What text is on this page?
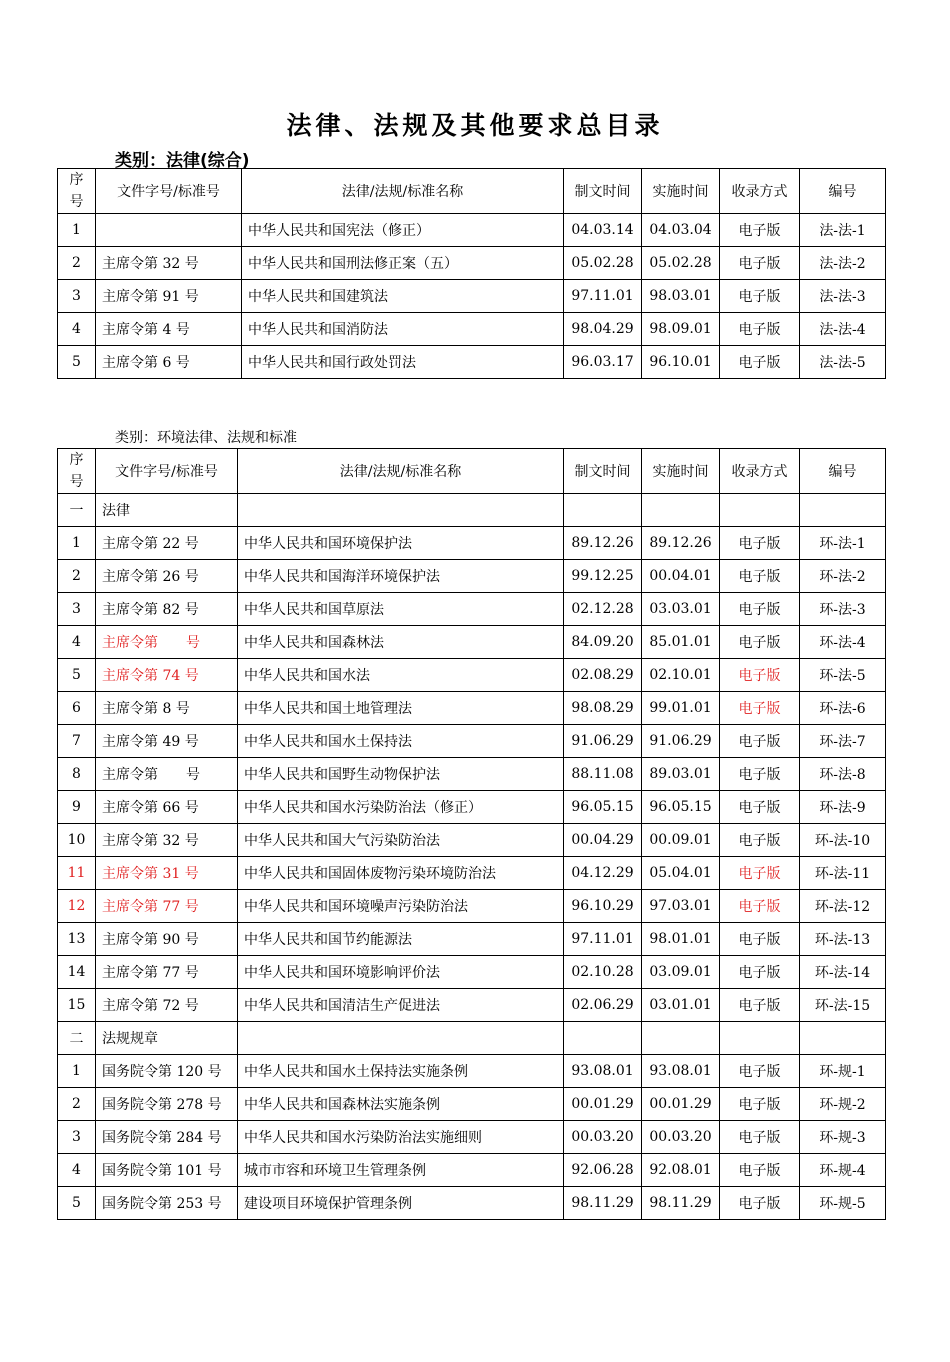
法律、法规及其他要求总目录
类别：法律(综合)
序
号	文件字号/标准号	法律/法规/标准名称	制文时间	实施时间	收录方式	编号
1		中华人民共和国宪法（修正）	04.03.14	04.03.04	电子版	法-法-1
2	主席令第 32 号	中华人民共和国刑法修正案（五）	05.02.28	05.02.28	电子版	法-法-2
3	主席令第 91 号	中华人民共和国建筑法	97.11.01	98.03.01	电子版	法-法-3
4	主席令第 4 号	中华人民共和国消防法	98.04.29	98.09.01	电子版	法-法-4
5	主席令第 6 号	中华人民共和国行政处罚法	96.03.17	96.10.01	电子版	法-法-5
类别：环境法律、法规和标准
序
号	文件字号/标准号	法律/法规/标准名称	制文时间	实施时间	收录方式	编号
一	法律					
1	主席令第 22 号	中华人民共和国环境保护法	89.12.26	89.12.26	电子版	环-法-1
2	主席令第 26 号	中华人民共和国海洋环境保护法	99.12.25	00.04.01	电子版	环-法-2
3	主席令第 82 号	中华人民共和国草原法	02.12.28	03.03.01	电子版	环-法-3
4	主席令第　　号	中华人民共和国森林法	84.09.20	85.01.01	电子版	环-法-4
5	主席令第 74 号	中华人民共和国水法	02.08.29	02.10.01	电子版	环-法-5
6	主席令第 8 号	中华人民共和国土地管理法	98.08.29	99.01.01	电子版	环-法-6
7	主席令第 49 号	中华人民共和国水土保持法	91.06.29	91.06.29	电子版	环-法-7
8	主席令第　　号	中华人民共和国野生动物保护法	88.11.08	89.03.01	电子版	环-法-8
9	主席令第 66 号	中华人民共和国水污染防治法（修正）	96.05.15	96.05.15	电子版	环-法-9
10	主席令第 32 号	中华人民共和国大气污染防治法	00.04.29	00.09.01	电子版	环-法-10
11	主席令第 31 号	中华人民共和国固体废物污染环境防治法	04.12.29	05.04.01	电子版	环-法-11
12	主席令第 77 号	中华人民共和国环境噪声污染防治法	96.10.29	97.03.01	电子版	环-法-12
13	主席令第 90 号	中华人民共和国节约能源法	97.11.01	98.01.01	电子版	环-法-13
14	主席令第 77 号	中华人民共和国环境影响评价法	02.10.28	03.09.01	电子版	环-法-14
15	主席令第 72 号	中华人民共和国清洁生产促进法	02.06.29	03.01.01	电子版	环-法-15
二	法规规章					
1	国务院令第 120 号	中华人民共和国水土保持法实施条例	93.08.01	93.08.01	电子版	环-规-1
2	国务院令第 278 号	中华人民共和国森林法实施条例	00.01.29	00.01.29	电子版	环-规-2
3	国务院令第 284 号	中华人民共和国水污染防治法实施细则	00.03.20	00.03.20	电子版	环-规-3
4	国务院令第 101 号	城市市容和环境卫生管理条例	92.06.28	92.08.01	电子版	环-规-4
5	国务院令第 253 号	建设项目环境保护管理条例	98.11.29	98.11.29	电子版	环-规-5
